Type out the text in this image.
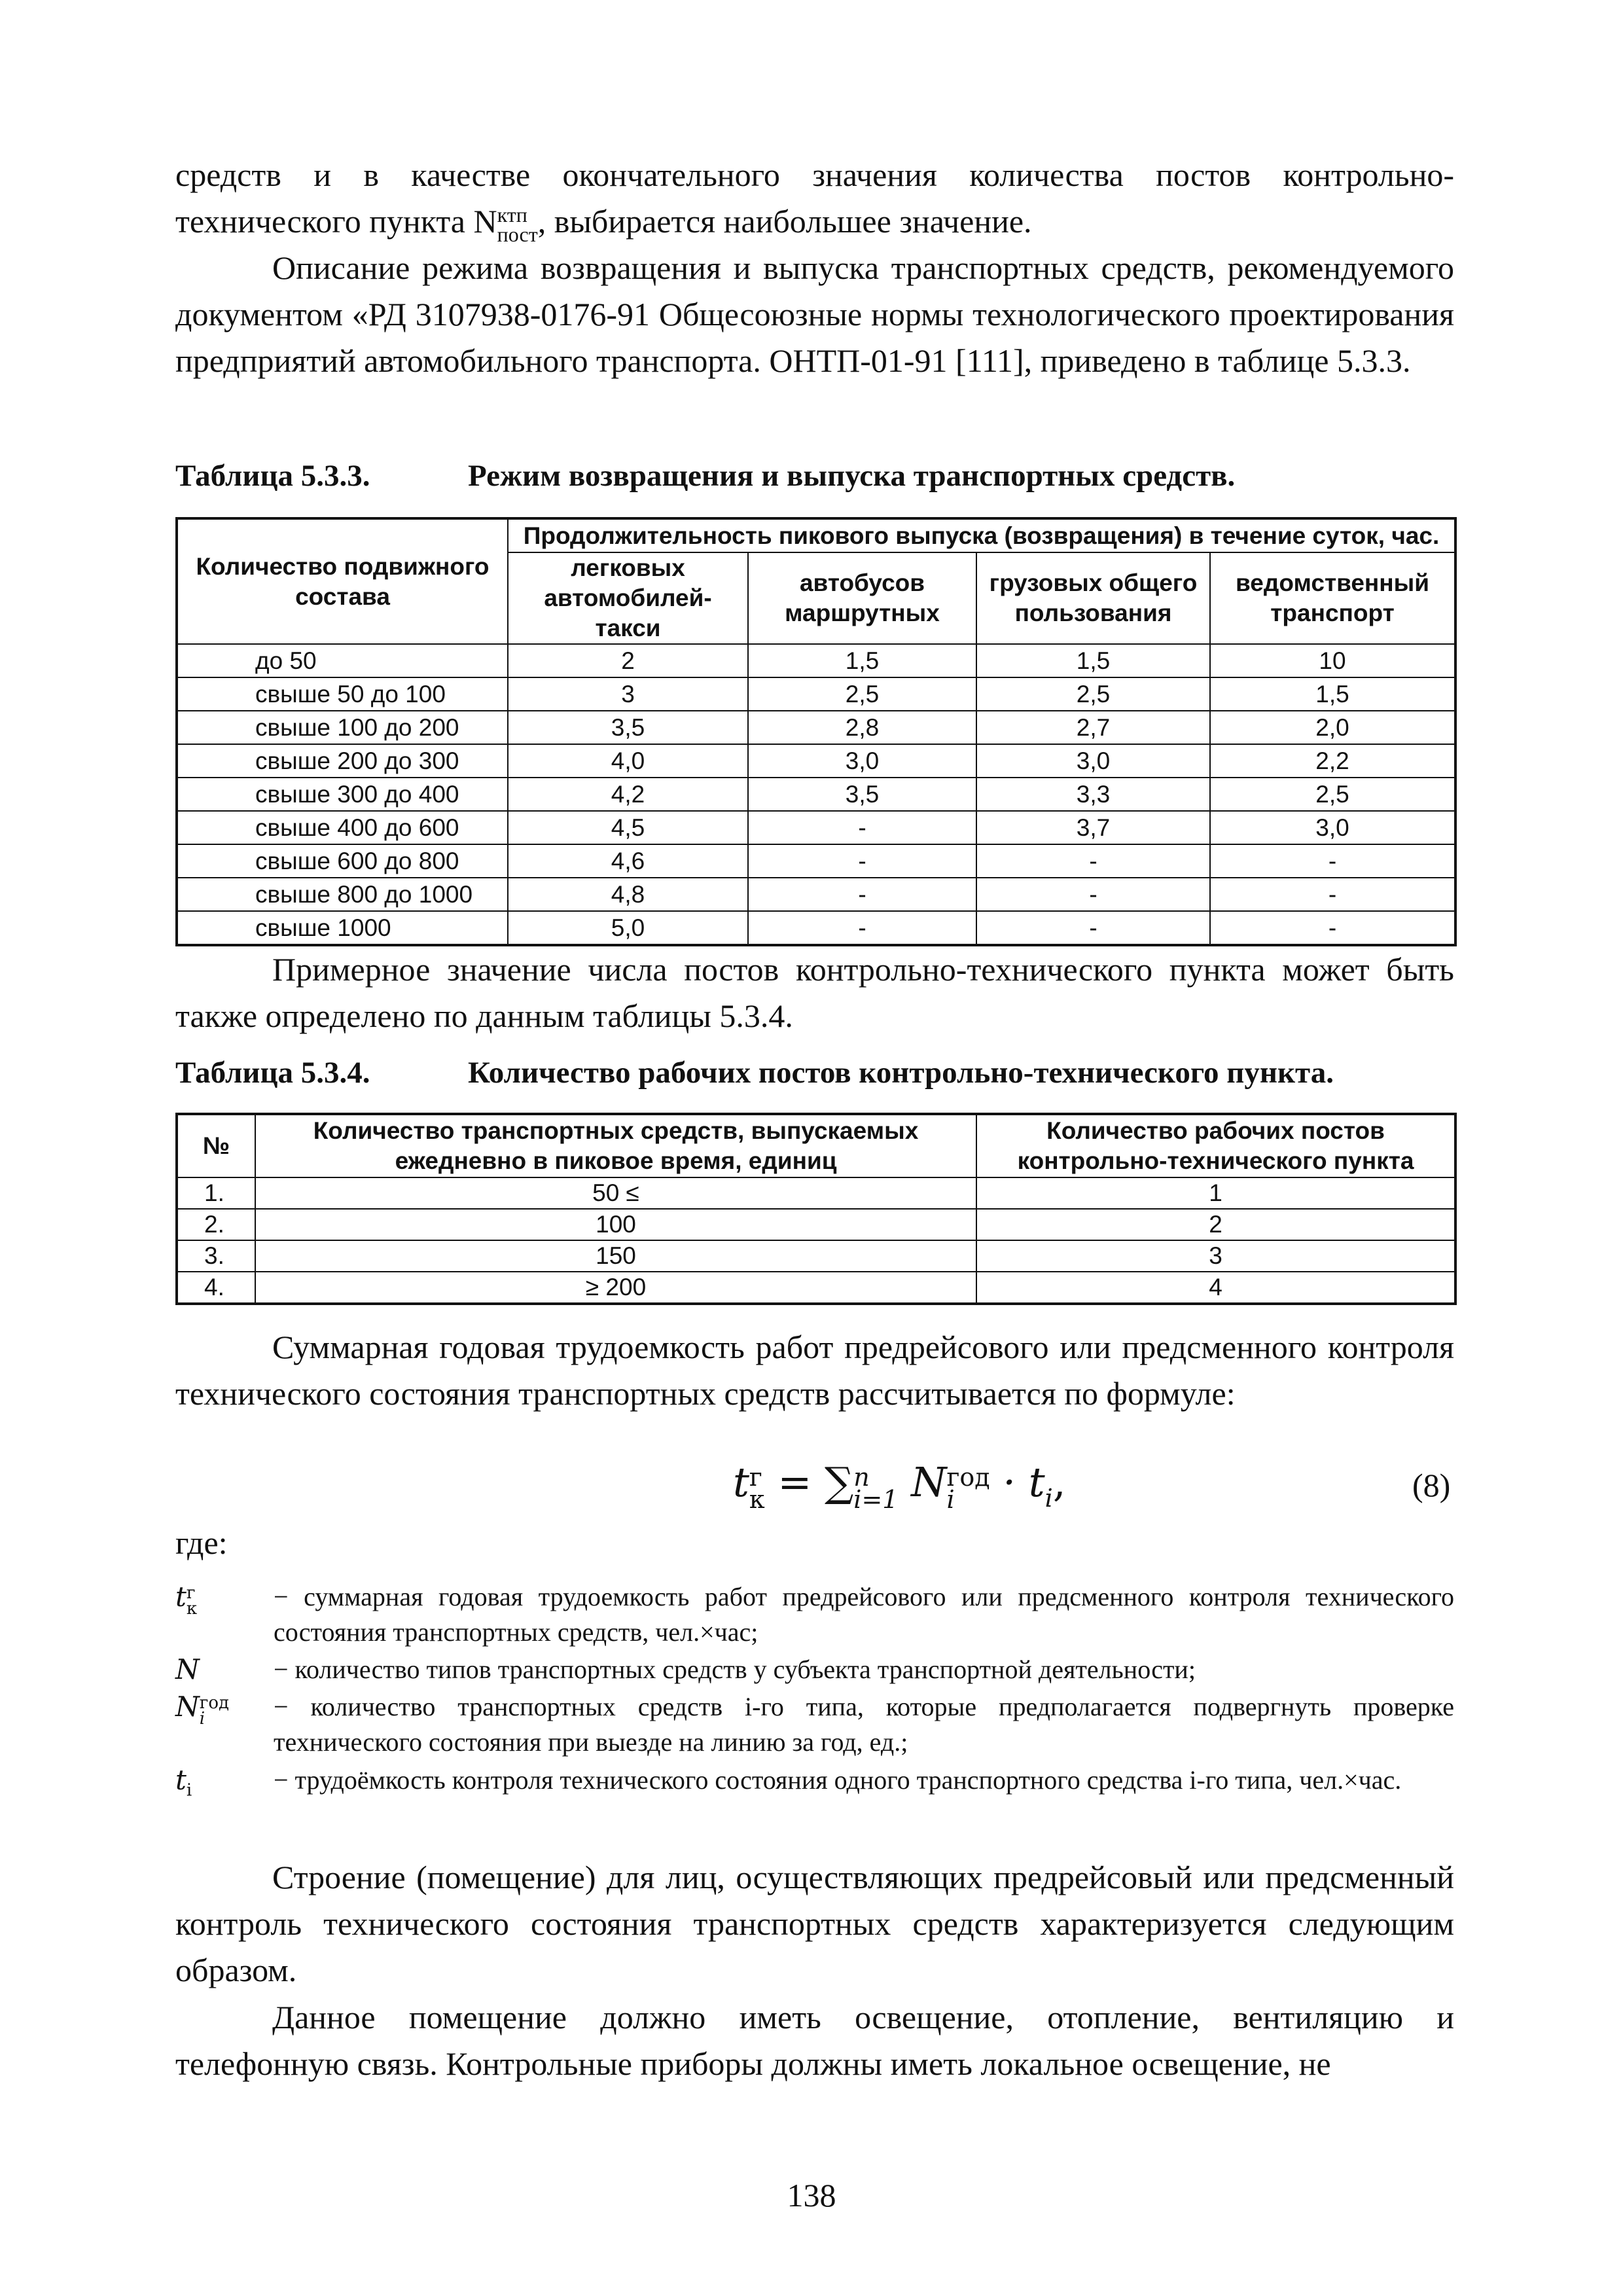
средств и в качестве окончательного значения количества постов контрольно-

технического пункта Nктп
пост, выбирается наибольшее значение.

Описание режима возвращения и выпуска транспортных средств, рекомендуемого документом «РД 3107938-0176-91 Общесоюзные нормы технологического проектирования предприятий автомобильного транспорта. ОНТП-01-91 [111], приведено в таблице 5.3.3.

Таблица 5.3.3.	Режим возвращения и выпуска транспортных средств.
Количество подвижного состава	Продолжительность пикового выпуска (возвращения) в течение суток, час.			
	легковых автомобилей-такси	автобусов маршрутных	грузовых общего пользования	ведомственный транспорт
до 50	2	1,5	1,5	10
свыше 50 до 100	3	2,5	2,5	1,5
свыше 100 до 200	3,5	2,8	2,7	2,0
свыше 200 до 300	4,0	3,0	3,0	2,2
свыше 300 до 400	4,2	3,5	3,3	2,5
свыше 400 до 600	4,5	-	3,7	3,0
свыше 600 до 800	4,6	-	-	-
свыше 800 до 1000	4,8	-	-	-
свыше 1000	5,0	-	-	-

Примерное значение числа постов контрольно-технического пункта может быть также определено по данным таблицы 5.3.4.

Таблица 5.3.4.	Количество рабочих постов контрольно-технического пункта.
№	Количество транспортных средств, выпускаемых ежедневно в пиковое время, единиц	Количество рабочих постов контрольно-технического пункта
1.	50 ≤	1
2.	100	2
3.	150	3
4.	≥ 200	4

Суммарная годовая трудоемкость работ предрейсового или предсменного контроля технического состояния транспортных средств рассчитывается по формуле:

tг
к = ∑n
i=1 Nгод
$i \cdot t_i$,	(8)
где:
tг
к	− суммарная годовая трудоемкость работ предрейсового или предсменного контроля технического состояния транспортных средств, чел.×час;
N	− количество типов транспортных средств у субъекта транспортной деятельности;
Nгод
i	− количество транспортных средств i-го типа, которые предполагается подвергнуть проверке технического состояния при выезде на линию за год, ед.;
$t_i$	− трудоёмкость контроля технического состояния одного транспортного средства i-го типа, чел.×час.

Строение (помещение) для лиц, осуществляющих предрейсовый или предсменный контроль технического состояния транспортных средств характеризуется следующим образом.

Данное помещение должно иметь освещение, отопление, вентиляцию и телефонную связь. Контрольные приборы должны иметь локальное освещение, не

138
